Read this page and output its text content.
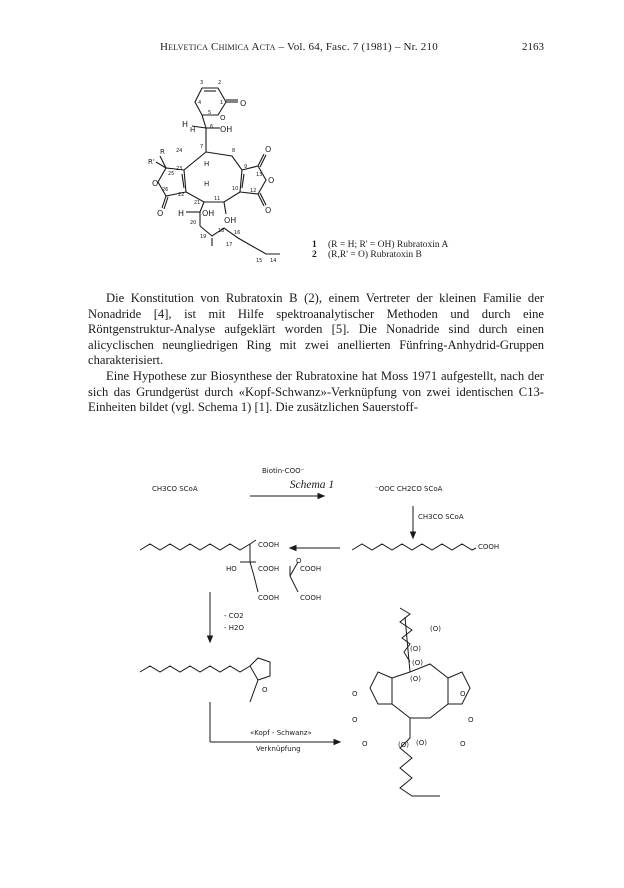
Helvetica Chimica Acta – Vol. 64, Fasc. 7 (1981) – Nr. 210	2163
O
OH
H
H
R
R'	H
H
O
O
O
O
O
OH
H OH
O
3	2
4	1
5
6
7
8
9
24
23
25	13
26
22
21
11
10 12
20
18
19
16
17
15 14
1 (R = H; R' = OH) Rubratoxin A
2 (R,R' = O) Rubratoxin B

Die Konstitution von Rubratoxin B (2), einem Vertreter der kleinen Familie der Nonadride [4], ist mit Hilfe spektroanalytischer Methoden und durch eine Röntgenstruktur-Analyse aufgeklärt worden [5]. Die Nonadride sind durch einen alicyclischen neungliedrigen Ring mit zwei anellierten Fünfring-Anhydrid-Gruppen charakterisiert.

Eine Hypothese zur Biosynthese der Rubratoxine hat Moss 1971 aufgestellt, nach der sich das Grundgerüst durch «Kopf-Schwanz»-Verknüpfung von zwei identischen C13-Einheiten bildet (vgl. Schema 1) [1]. Die zusätzlichen Sauerstoff-

Schema 1
CH3CO SCoA
Biotin-COO⁻
⁻OOC CH2CO SCoA
CH3CO SCoA
COOH
COOH
COOH
COOH
COOH
COOH
O
HO
- CO2
- H2O
«Kopf - Schwanz»
Verknüpfung
(O)
(O)
(O)
(O)
(O) (O)
O
O
O
O
O
O
O
